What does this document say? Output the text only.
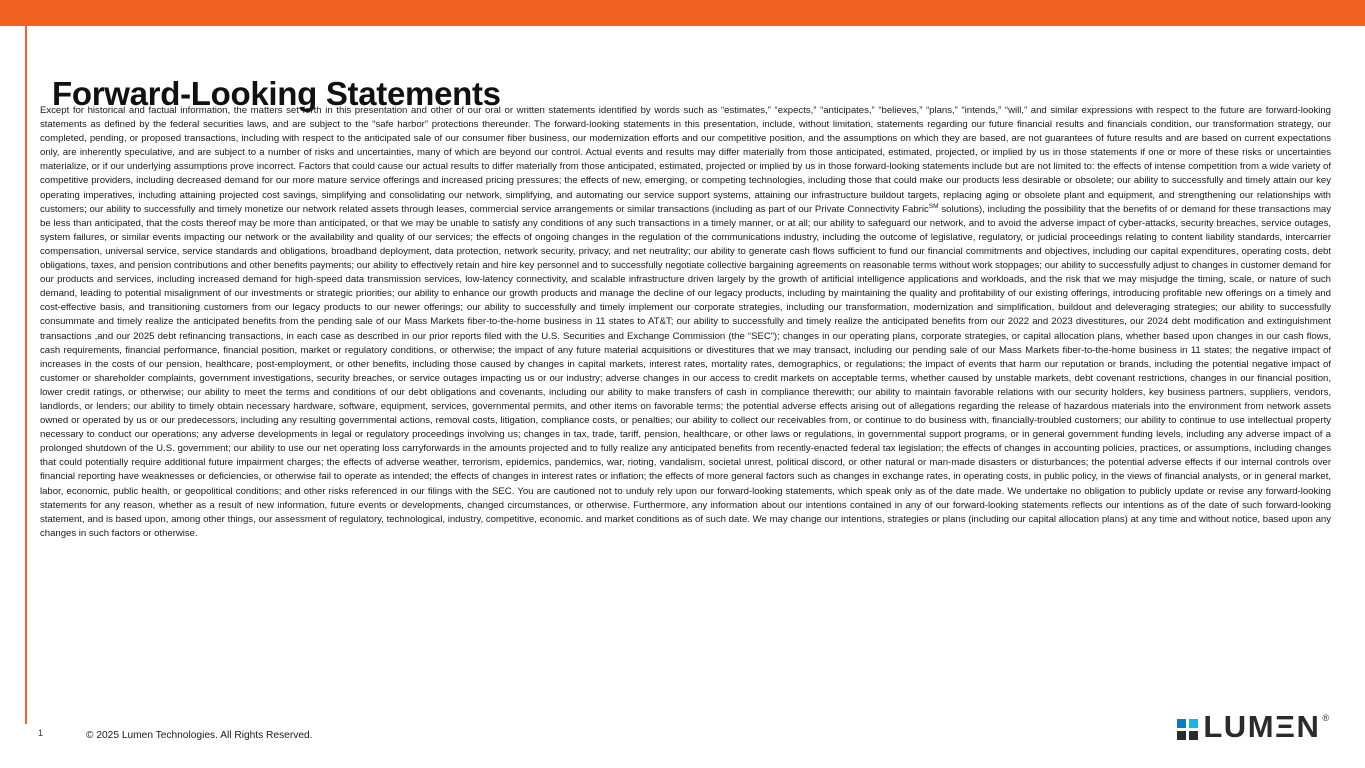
Forward-Looking Statements
Except for historical and factual information, the matters set forth in this presentation and other of our oral or written statements identified by words such as “estimates,” “expects,” “anticipates,” “believes,” “plans,” “intends,” “will,” and similar expressions with respect to the future are forward-looking statements as defined by the federal securities laws, and are subject to the “safe harbor” protections thereunder. The forward-looking statements in this presentation, include, without limitation, statements regarding our future financial results and financials condition, our transformation strategy, our completed, pending, or proposed transactions, including with respect to the anticipated sale of our consumer fiber business, our modernization efforts and our competitive position, and the assumptions on which they are based, are not guarantees of future results and are based on current expectations only, are inherently speculative, and are subject to a number of risks and uncertainties, many of which are beyond our control. Actual events and results may differ materially from those anticipated, estimated, projected, or implied by us in those statements if one or more of these risks or uncertainties materialize, or if our underlying assumptions prove incorrect. Factors that could cause our actual results to differ materially from those anticipated, estimated, projected or implied by us in those forward-looking statements include but are not limited to: the effects of intense competition from a wide variety of competitive providers, including decreased demand for our more mature service offerings and increased pricing pressures; the effects of new, emerging, or competing technologies, including those that could make our products less desirable or obsolete; our ability to successfully and timely attain our key operating imperatives, including attaining projected cost savings, simplifying and consolidating our network, simplifying, and automating our service support systems, attaining our infrastructure buildout targets, replacing aging or obsolete plant and equipment, and strengthening our relationships with customers; our ability to successfully and timely monetize our network related assets through leases, commercial service arrangements or similar transactions (including as part of our Private Connectivity Fabric℠ solutions), including the possibility that the benefits of or demand for these transactions may be less than anticipated, that the costs thereof may be more than anticipated, or that we may be unable to satisfy any conditions of any such transactions in a timely manner, or at all; our ability to safeguard our network, and to avoid the adverse impact of cyber-attacks, security breaches, service outages, system failures, or similar events impacting our network or the availability and quality of our services; the effects of ongoing changes in the regulation of the communications industry, including the outcome of legislative, regulatory, or judicial proceedings relating to content liability standards, intercarrier compensation, universal service, service standards and obligations, broadband deployment, data protection, network security, privacy, and net neutrality; our ability to generate cash flows sufficient to fund our financial commitments and objectives, including our capital expenditures, operating costs, debt obligations, taxes, and pension contributions and other benefits payments; our ability to effectively retain and hire key personnel and to successfully negotiate collective bargaining agreements on reasonable terms without work stoppages; our ability to successfully adjust to changes in customer demand for our products and services, including increased demand for high-speed data transmission services, low-latency connectivity, and scalable infrastructure driven largely by the growth of artificial intelligence applications and workloads, and the risk that we may misjudge the timing, scale, or nature of such demand, leading to potential misalignment of our investments or strategic priorities; our ability to enhance our growth products and manage the decline of our legacy products, including by maintaining the quality and profitability of our existing offerings, introducing profitable new offerings on a timely and cost-effective basis, and transitioning customers from our legacy products to our newer offerings; our ability to successfully and timely implement our corporate strategies, including our transformation, modernization and simplification, buildout and deleveraging strategies; our ability to successfully consummate and timely realize the anticipated benefits from the pending sale of our Mass Markets fiber-to-the-home business in 11 states to AT&T; our ability to successfully and timely realize the anticipated benefits from our 2022 and 2023 divestitures, our 2024 debt modification and extinguishment transactions ,and our 2025 debt refinancing transactions, in each case as described in our prior reports filed with the U.S. Securities and Exchange Commission (the “SEC”); changes in our operating plans, corporate strategies, or capital allocation plans, whether based upon changes in our cash flows, cash requirements, financial performance, financial position, market or regulatory conditions, or otherwise; the impact of any future material acquisitions or divestitures that we may transact, including our pending sale of our Mass Markets fiber-to-the-home business in 11 states; the negative impact of increases in the costs of our pension, healthcare, post-employment, or other benefits, including those caused by changes in capital markets, interest rates, mortality rates, demographics, or regulations; the impact of events that harm our reputation or brands, including the potential negative impact of customer or shareholder complaints, government investigations, security breaches, or service outages impacting us or our industry; adverse changes in our access to credit markets on acceptable terms, whether caused by unstable markets, debt covenant restrictions, changes in our financial position, lower credit ratings, or otherwise; our ability to meet the terms and conditions of our debt obligations and covenants, including our ability to make transfers of cash in compliance therewith; our ability to maintain favorable relations with our security holders, key business partners, suppliers, vendors, landlords, or lenders; our ability to timely obtain necessary hardware, software, equipment, services, governmental permits, and other items on favorable terms; the potential adverse effects arising out of allegations regarding the release of hazardous materials into the environment from network assets owned or operated by us or our predecessors, including any resulting governmental actions, removal costs, litigation, compliance costs, or penalties; our ability to collect our receivables from, or continue to do business with, financially-troubled customers; our ability to continue to use intellectual property necessary to conduct our operations; any adverse developments in legal or regulatory proceedings involving us; changes in tax, trade, tariff, pension, healthcare, or other laws or regulations, in governmental support programs, or in general government funding levels, including any adverse impact of a prolonged shutdown of the U.S. government; our ability to use our net operating loss carryforwards in the amounts projected and to fully realize any anticipated benefits from recently-enacted federal tax legislation; the effects of changes in accounting policies, practices, or assumptions, including changes that could potentially require additional future impairment charges; the effects of adverse weather, terrorism, epidemics, pandemics, war, rioting, vandalism, societal unrest, political discord, or other natural or man-made disasters or disturbances; the potential adverse effects if our internal controls over financial reporting have weaknesses or deficiencies, or otherwise fail to operate as intended; the effects of changes in interest rates or inflation; the effects of more general factors such as changes in exchange rates, in operating costs, in public policy, in the views of financial analysts, or in general market, labor, economic, public health, or geopolitical conditions; and other risks referenced in our filings with the SEC. You are cautioned not to unduly rely upon our forward-looking statements, which speak only as of the date made. We undertake no obligation to publicly update or revise any forward-looking statements for any reason, whether as a result of new information, future events or developments, changed circumstances, or otherwise. Furthermore, any information about our intentions contained in any of our forward-looking statements reflects our intentions as of the date of such forward-looking statement, and is based upon, among other things, our assessment of regulatory, technological, industry, competitive, economic. and market conditions as of such date. We may change our intentions, strategies or plans (including our capital allocation plans) at any time and without notice, based upon any changes in such factors or otherwise.
1	© 2025 Lumen Technologies. All Rights Reserved.	LUMΞN ®
